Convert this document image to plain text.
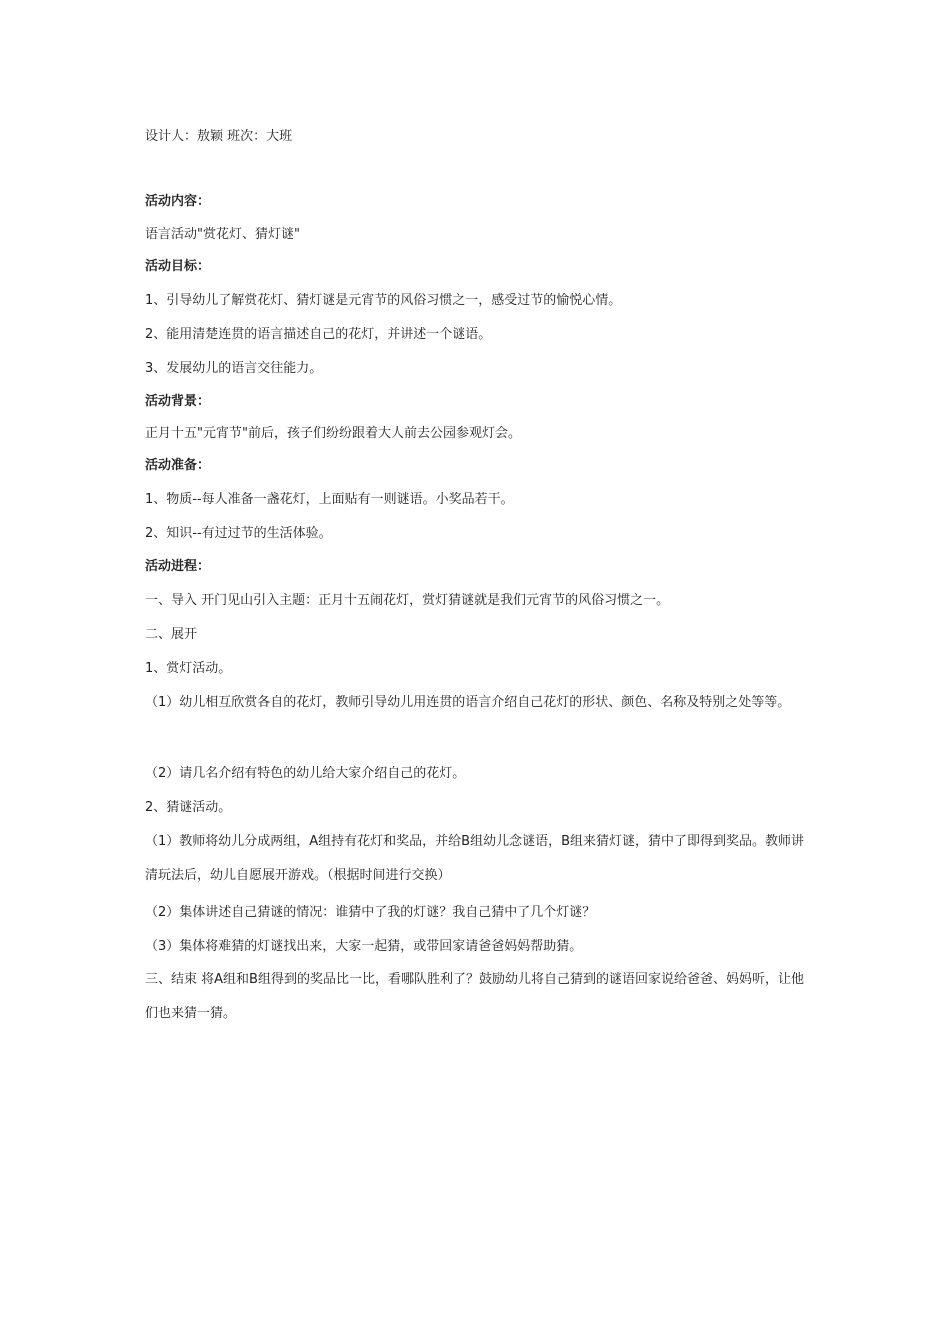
设计人：敖颖 班次：大班
活动内容：
语言活动"赏花灯、猜灯谜"
活动目标：
1、引导幼儿了解赏花灯、猜灯谜是元宵节的风俗习惯之一，感受过节的愉悦心情。
2、能用清楚连贯的语言描述自己的花灯，并讲述一个谜语。
3、发展幼儿的语言交往能力。
活动背景：
正月十五"元宵节"前后，孩子们纷纷跟着大人前去公园参观灯会。
活动准备：
1、物质--每人准备一盏花灯，上面贴有一则谜语。小奖品若干。
2、知识--有过过节的生活体验。
活动进程：
一、导入 开门见山引入主题：正月十五闹花灯，赏灯猜谜就是我们元宵节的风俗习惯之一。
二、展开
1、赏灯活动。
（1）幼儿相互欣赏各自的花灯，教师引导幼儿用连贯的语言介绍自己花灯的形状、颜色、名称及特别之处等等。
（2）请几名介绍有特色的幼儿给大家介绍自己的花灯。
2、猜谜活动。
（1）教师将幼儿分成两组，A组持有花灯和奖品，并给B组幼儿念谜语，B组来猜灯谜，猜中了即得到奖品。教师讲清玩法后，幼儿自愿展开游戏。（根据时间进行交换）
（2）集体讲述自己猜谜的情况：谁猜中了我的灯谜？我自己猜中了几个灯谜？
（3）集体将难猜的灯谜找出来，大家一起猜，或带回家请爸爸妈妈帮助猜。
三、结束 将A组和B组得到的奖品比一比，看哪队胜利了？鼓励幼儿将自己猜到的谜语回家说给爸爸、妈妈听，让他们也来猜一猜。
